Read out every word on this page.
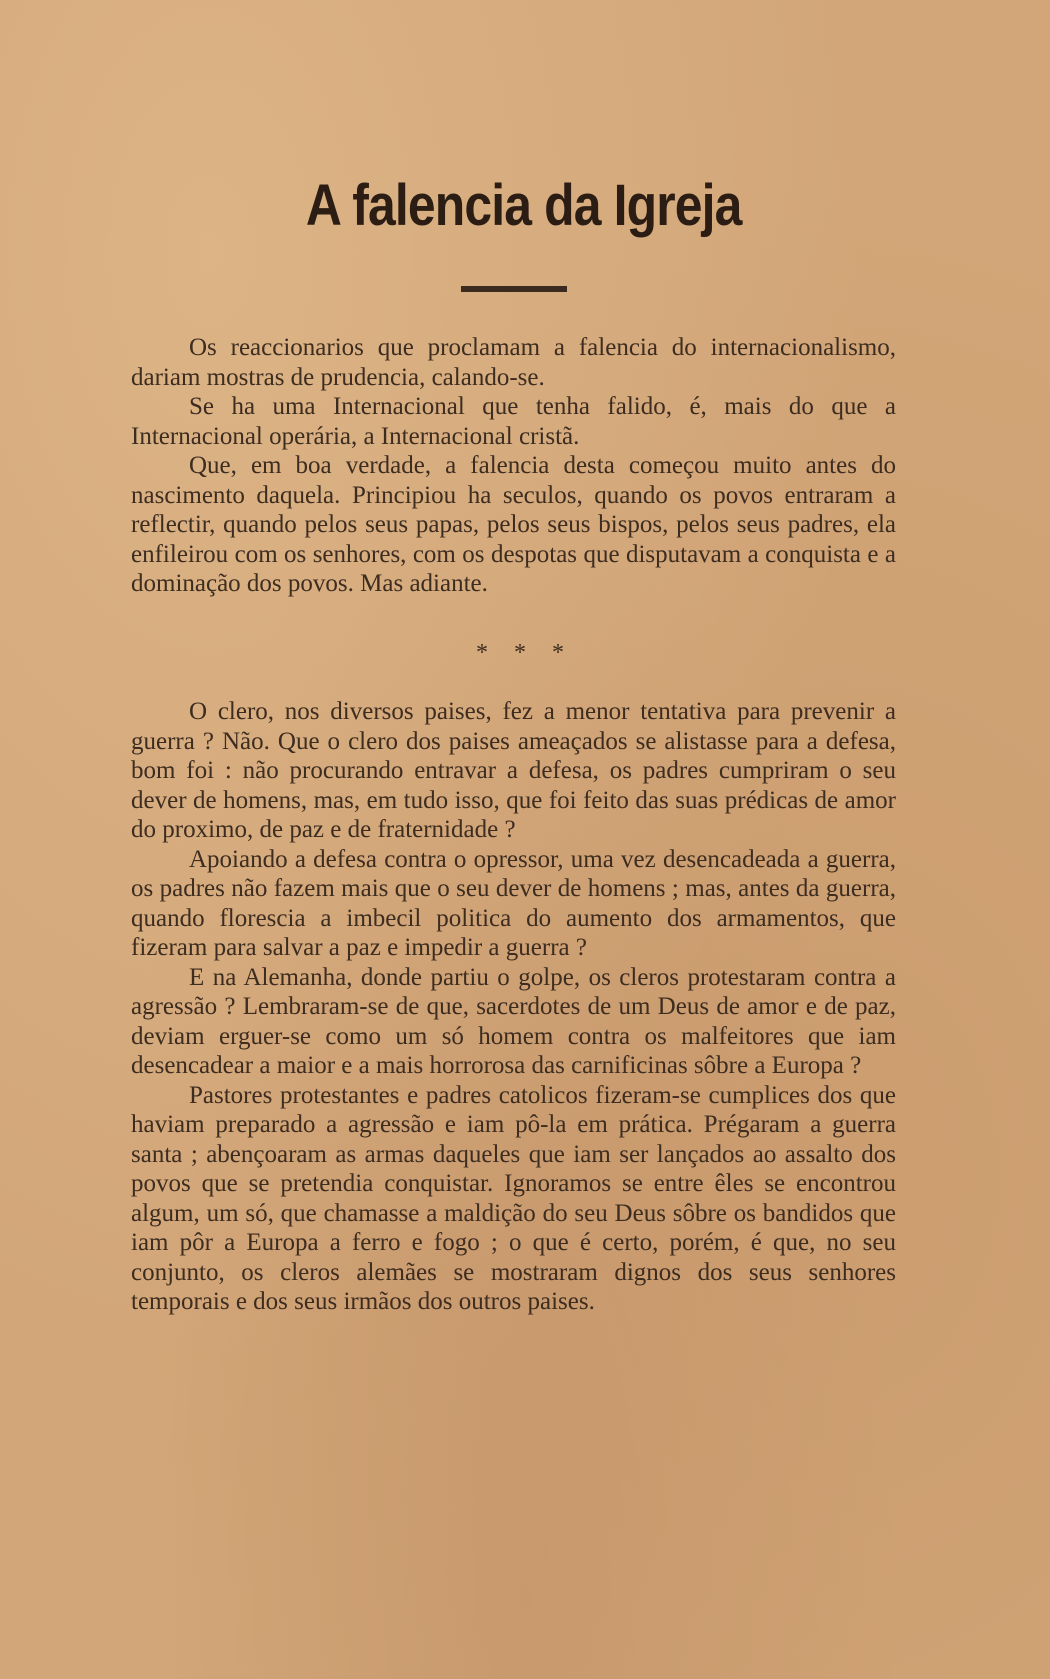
A falencia da Igreja

Os reaccionarios que proclamam a falencia do internacionalismo, dariam mostras de prudencia, calando-se.

Se ha uma Internacional que tenha falido, é, mais do que a Internacional operária, a Internacional cristã.

Que, em boa verdade, a falencia desta começou muito antes do nascimento daquela. Principiou ha seculos, quando os povos entraram a reflectir, quando pelos seus papas, pelos seus bispos, pelos seus padres, ela enfileirou com os senhores, com os despotas que disputavam a conquista e a dominação dos povos. Mas adiante.

* * *

O clero, nos diversos paises, fez a menor tentativa para prevenir a guerra ? Não. Que o clero dos paises ameaçados se alistasse para a defesa, bom foi : não procurando entravar a defesa, os padres cumpriram o seu dever de homens, mas, em tudo isso, que foi feito das suas prédicas de amor do proximo, de paz e de fraternidade ?

Apoiando a defesa contra o opressor, uma vez desencadeada a guerra, os padres não fazem mais que o seu dever de homens ; mas, antes da guerra, quando florescia a imbecil politica do aumento dos armamentos, que fizeram para salvar a paz e impedir a guerra ?

E na Alemanha, donde partiu o golpe, os cleros protestaram contra a agressão ? Lembraram-se de que, sacerdotes de um Deus de amor e de paz, deviam erguer-se como um só homem contra os malfeitores que iam desencadear a maior e a mais horrorosa das carnificinas sôbre a Europa ?

Pastores protestantes e padres catolicos fizeram-se cumplices dos que haviam preparado a agressão e iam pô-la em prática. Prégaram a guerra santa ; abençoaram as armas daqueles que iam ser lançados ao assalto dos povos que se pretendia conquistar. Ignoramos se entre êles se encontrou algum, um só, que chamasse a maldição do seu Deus sôbre os bandidos que iam pôr a Europa a ferro e fogo ; o que é certo, porém, é que, no seu conjunto, os cleros alemães se mostraram dignos dos seus senhores temporais e dos seus irmãos dos outros paises.
